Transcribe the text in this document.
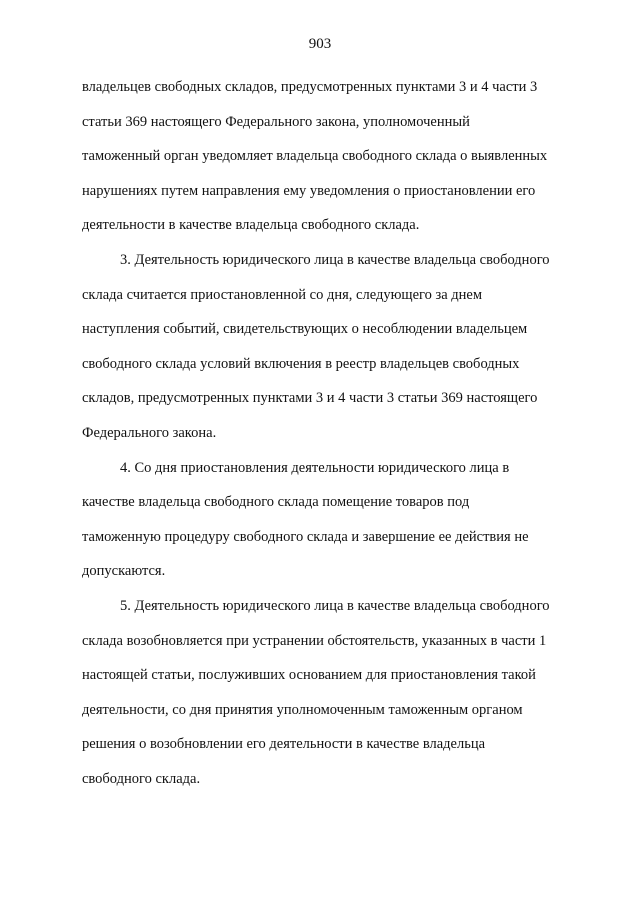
903

владельцев свободных складов, предусмотренных пунктами 3 и 4 части 3
статьи 369 настоящего Федерального закона, уполномоченный
таможенный орган уведомляет владельца свободного склада о выявленных
нарушениях путем направления ему уведомления о приостановлении его
деятельности в качестве владельца свободного склада.

3. Деятельность юридического лица в качестве владельца свободного
склада считается приостановленной со дня, следующего за днем
наступления событий, свидетельствующих о несоблюдении владельцем
свободного склада условий включения в реестр владельцев свободных
складов, предусмотренных пунктами 3 и 4 части 3 статьи 369 настоящего
Федерального закона.

4. Со дня приостановления деятельности юридического лица в
качестве владельца свободного склада помещение товаров под
таможенную процедуру свободного склада и завершение ее действия не
допускаются.

5. Деятельность юридического лица в качестве владельца свободного
склада возобновляется при устранении обстоятельств, указанных в части 1
настоящей статьи, послуживших основанием для приостановления такой
деятельности, со дня принятия уполномоченным таможенным органом
решения о возобновлении его деятельности в качестве владельца
свободного склада.
